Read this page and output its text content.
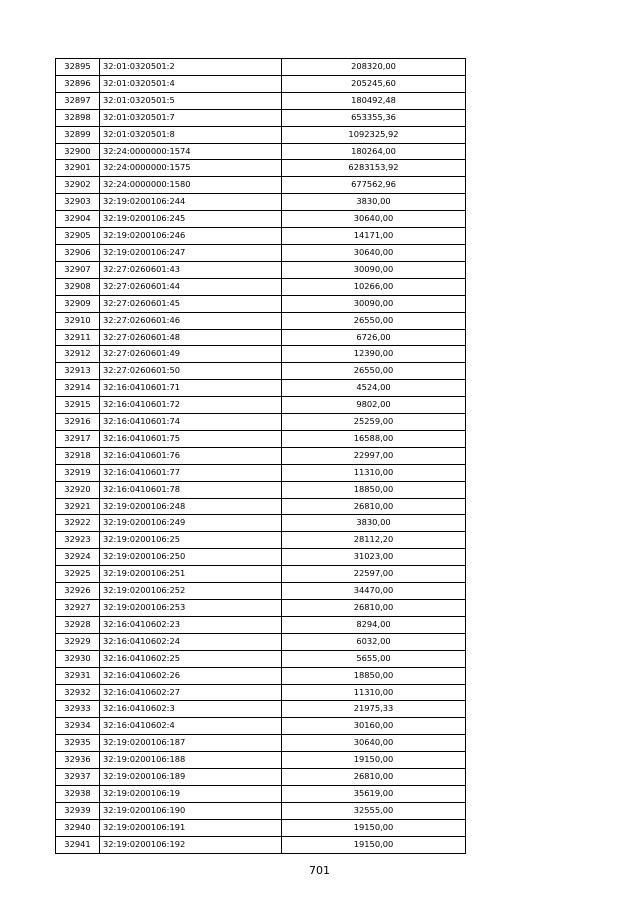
32895	32:01:0320501:2	208320,00
32896	32:01:0320501:4	205245,60
32897	32:01:0320501:5	180492,48
32898	32:01:0320501:7	653355,36
32899	32:01:0320501:8	1092325,92
32900	32:24:0000000:1574	180264,00
32901	32:24:0000000:1575	6283153,92
32902	32:24:0000000:1580	677562,96
32903	32:19:0200106:244	3830,00
32904	32:19:0200106:245	30640,00
32905	32:19:0200106:246	14171,00
32906	32:19:0200106:247	30640,00
32907	32:27:0260601:43	30090,00
32908	32:27:0260601:44	10266,00
32909	32:27:0260601:45	30090,00
32910	32:27:0260601:46	26550,00
32911	32:27:0260601:48	6726,00
32912	32:27:0260601:49	12390,00
32913	32:27:0260601:50	26550,00
32914	32:16:0410601:71	4524,00
32915	32:16:0410601:72	9802,00
32916	32:16:0410601:74	25259,00
32917	32:16:0410601:75	16588,00
32918	32:16:0410601:76	22997,00
32919	32:16:0410601:77	11310,00
32920	32:16:0410601:78	18850,00
32921	32:19:0200106:248	26810,00
32922	32:19:0200106:249	3830,00
32923	32:19:0200106:25	28112,20
32924	32:19:0200106:250	31023,00
32925	32:19:0200106:251	22597,00
32926	32:19:0200106:252	34470,00
32927	32:19:0200106:253	26810,00
32928	32:16:0410602:23	8294,00
32929	32:16:0410602:24	6032,00
32930	32:16:0410602:25	5655,00
32931	32:16:0410602:26	18850,00
32932	32:16:0410602:27	11310,00
32933	32:16:0410602:3	21975,33
32934	32:16:0410602:4	30160,00
32935	32:19:0200106:187	30640,00
32936	32:19:0200106:188	19150,00
32937	32:19:0200106:189	26810,00
32938	32:19:0200106:19	35619,00
32939	32:19:0200106:190	32555,00
32940	32:19:0200106:191	19150,00
32941	32:19:0200106:192	19150,00
701
